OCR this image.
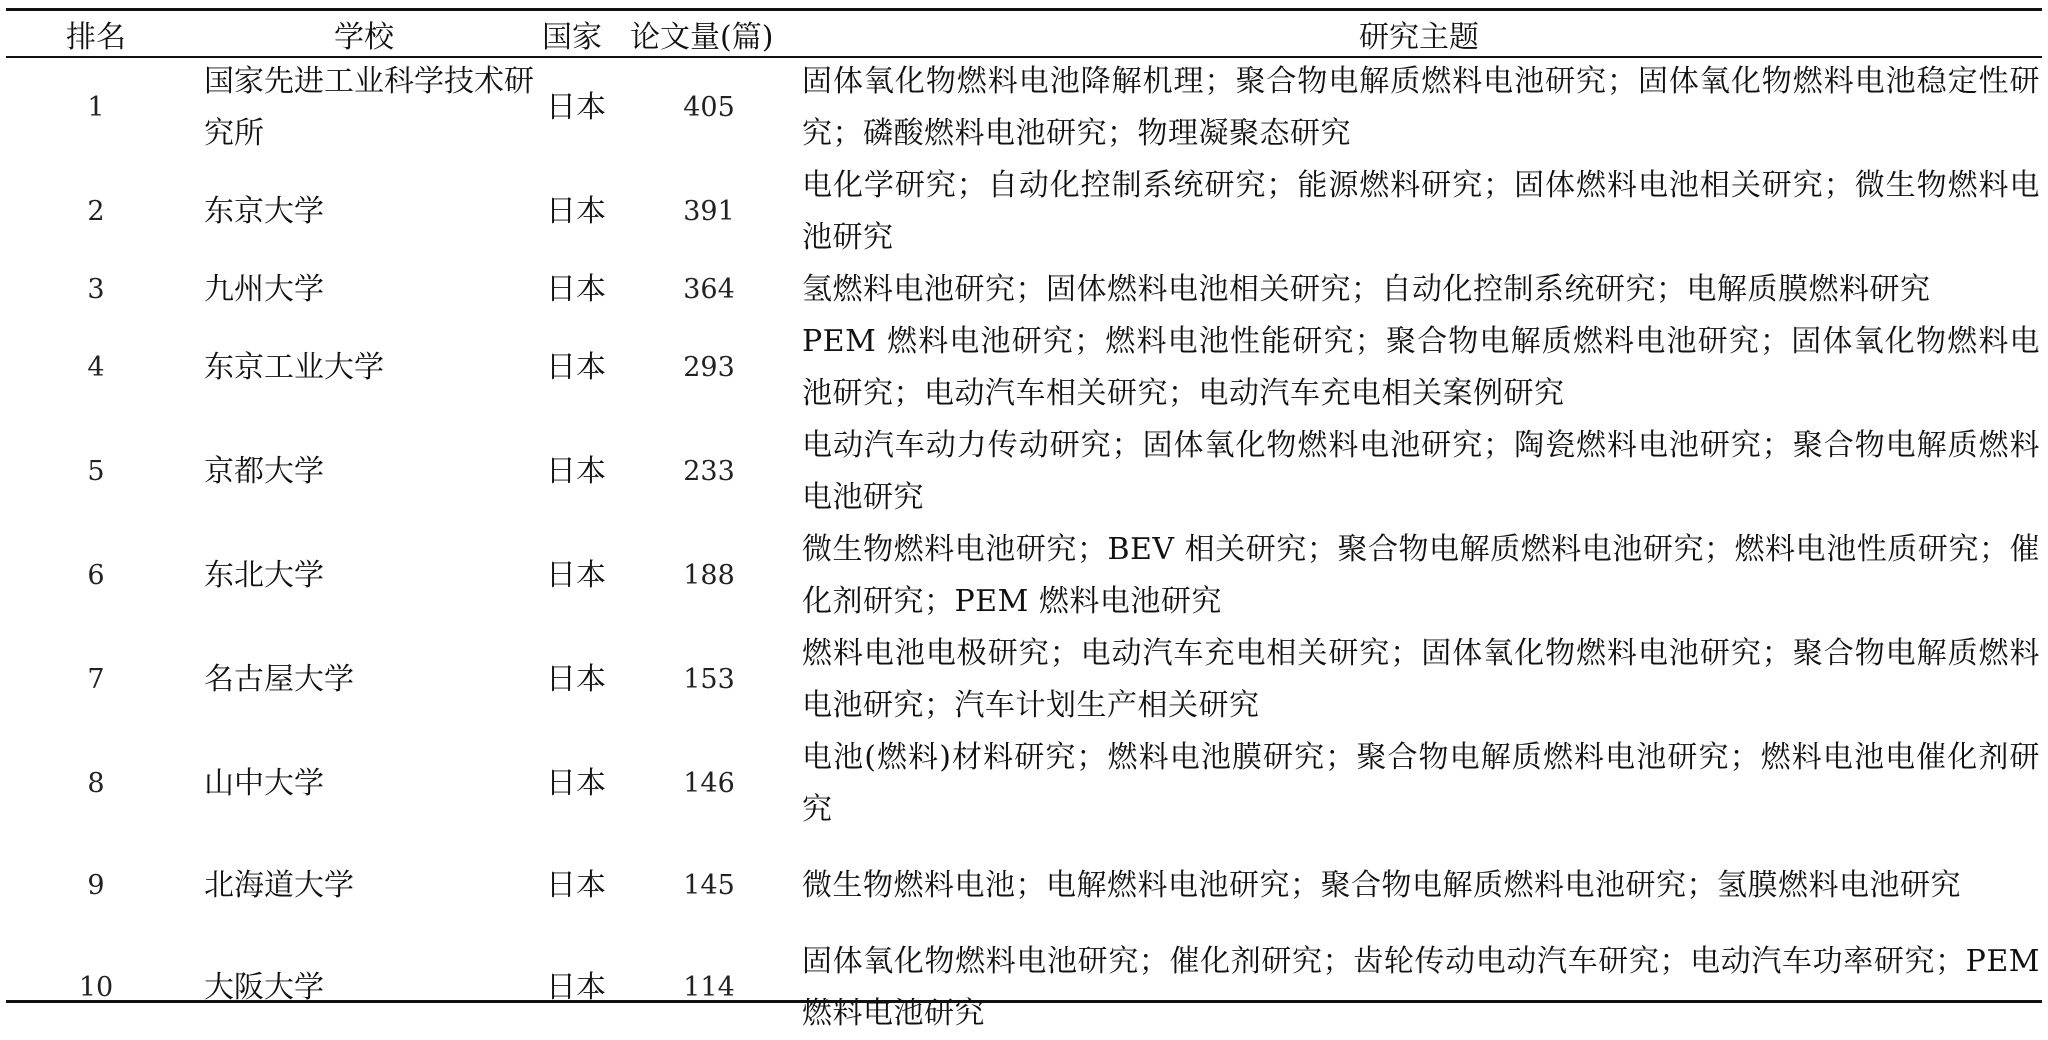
排名	学校	国家	论文量(篇)	研究主题
1	国家先进工业科学技术研究所	日本	405	固体氧化物燃料电池降解机理；聚合物电解质燃料电池研究；固体氧化物燃料电池稳定性研究；磷酸燃料电池研究；物理凝聚态研究
2	东京大学	日本	391	电化学研究；自动化控制系统研究；能源燃料研究；固体燃料电池相关研究；微生物燃料电池研究
3	九州大学	日本	364	氢燃料电池研究；固体燃料电池相关研究；自动化控制系统研究；电解质膜燃料研究
4	东京工业大学	日本	293	PEM 燃料电池研究；燃料电池性能研究；聚合物电解质燃料电池研究；固体氧化物燃料电池研究；电动汽车相关研究；电动汽车充电相关案例研究
5	京都大学	日本	233	电动汽车动力传动研究；固体氧化物燃料电池研究；陶瓷燃料电池研究；聚合物电解质燃料电池研究
6	东北大学	日本	188	微生物燃料电池研究；BEV 相关研究；聚合物电解质燃料电池研究；燃料电池性质研究；催化剂研究；PEM 燃料电池研究
7	名古屋大学	日本	153	燃料电池电极研究；电动汽车充电相关研究；固体氧化物燃料电池研究；聚合物电解质燃料电池研究；汽车计划生产相关研究
8	山中大学	日本	146	电池(燃料)材料研究；燃料电池膜研究；聚合物电解质燃料电池研究；燃料电池电催化剂研究
9	北海道大学	日本	145	微生物燃料电池；电解燃料电池研究；聚合物电解质燃料电池研究；氢膜燃料电池研究
10	大阪大学	日本	114	固体氧化物燃料电池研究；催化剂研究；齿轮传动电动汽车研究；电动汽车功率研究；PEM 燃料电池研究
